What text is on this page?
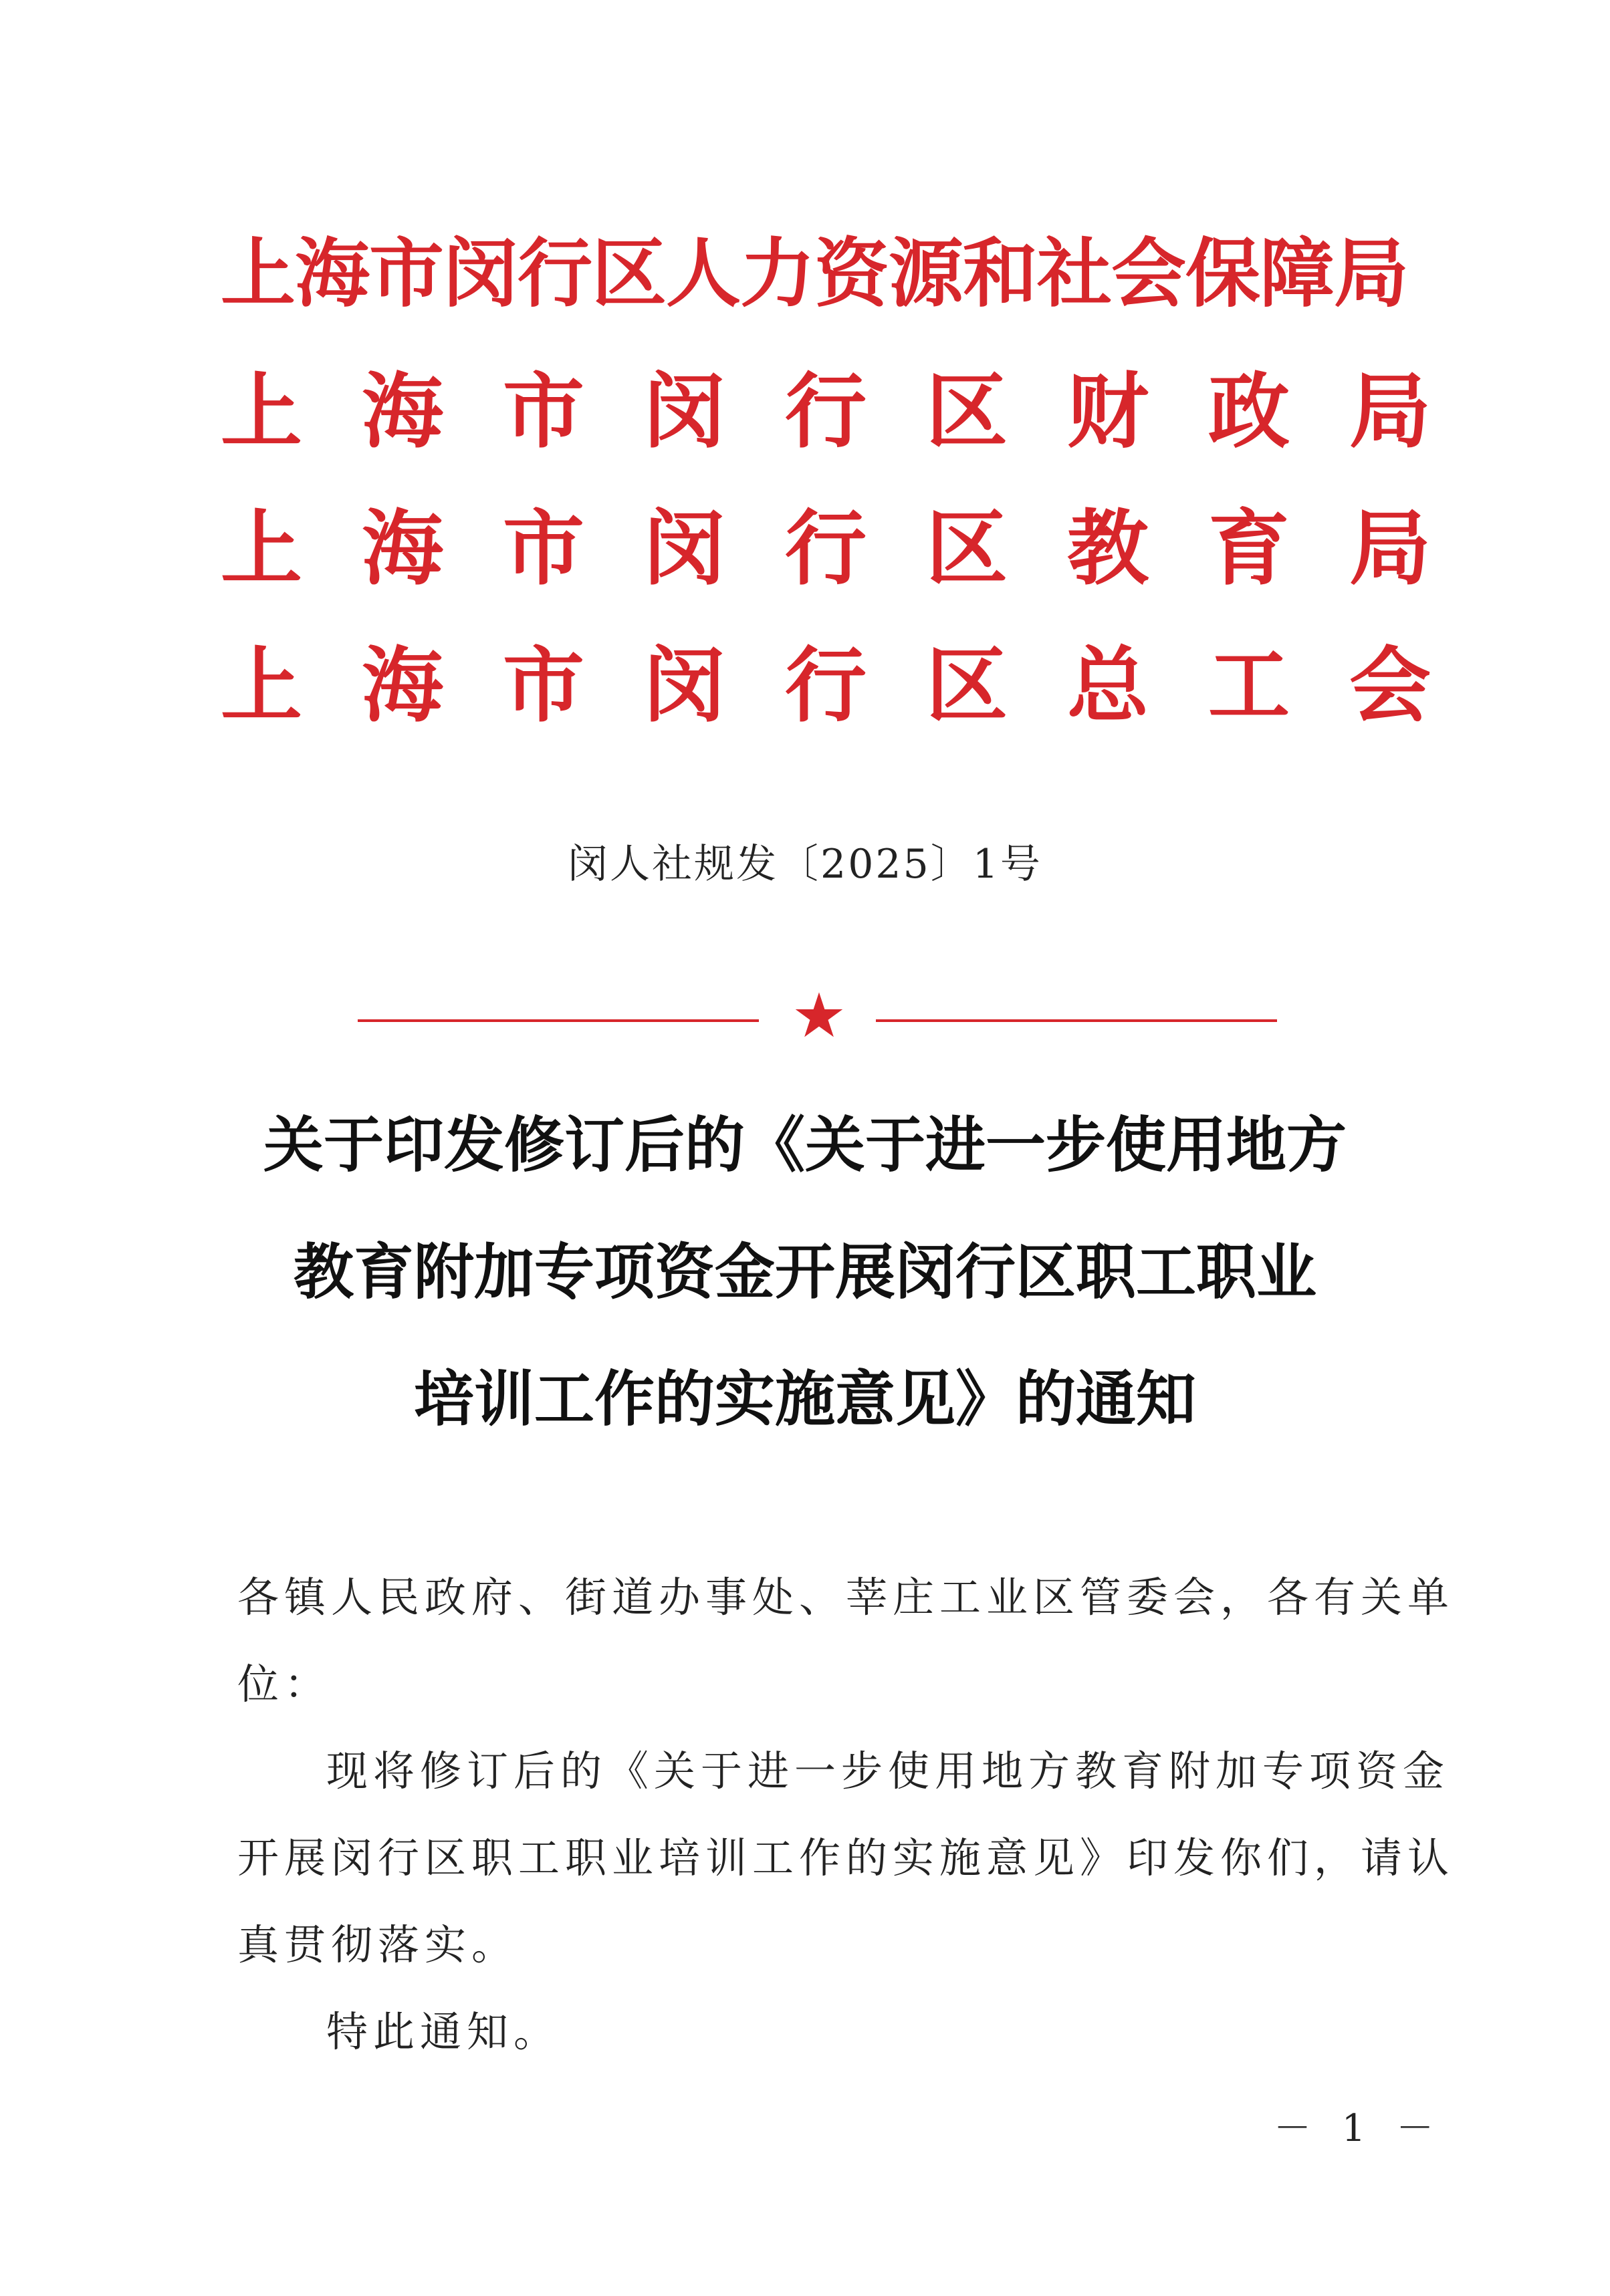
上海市闵行区人力资源和社会保障局
上 海 市 闵 行 区 财 政 局
上 海 市 闵 行 区 教 育 局
上 海 市 闵 行 区 总 工 会
闵人社规发〔2025〕1号
★
关于印发修订后的《关于进一步使用地方
教育附加专项资金开展闵行区职工职业
培训工作的实施意见》的通知
各镇人民政府、街道办事处、莘庄工业区管委会，各有关单
位：
现将修订后的《关于进一步使用地方教育附加专项资金
开展闵行区职工职业培训工作的实施意见》印发你们，请认
真贯彻落实。
特此通知。
－ 1 －
